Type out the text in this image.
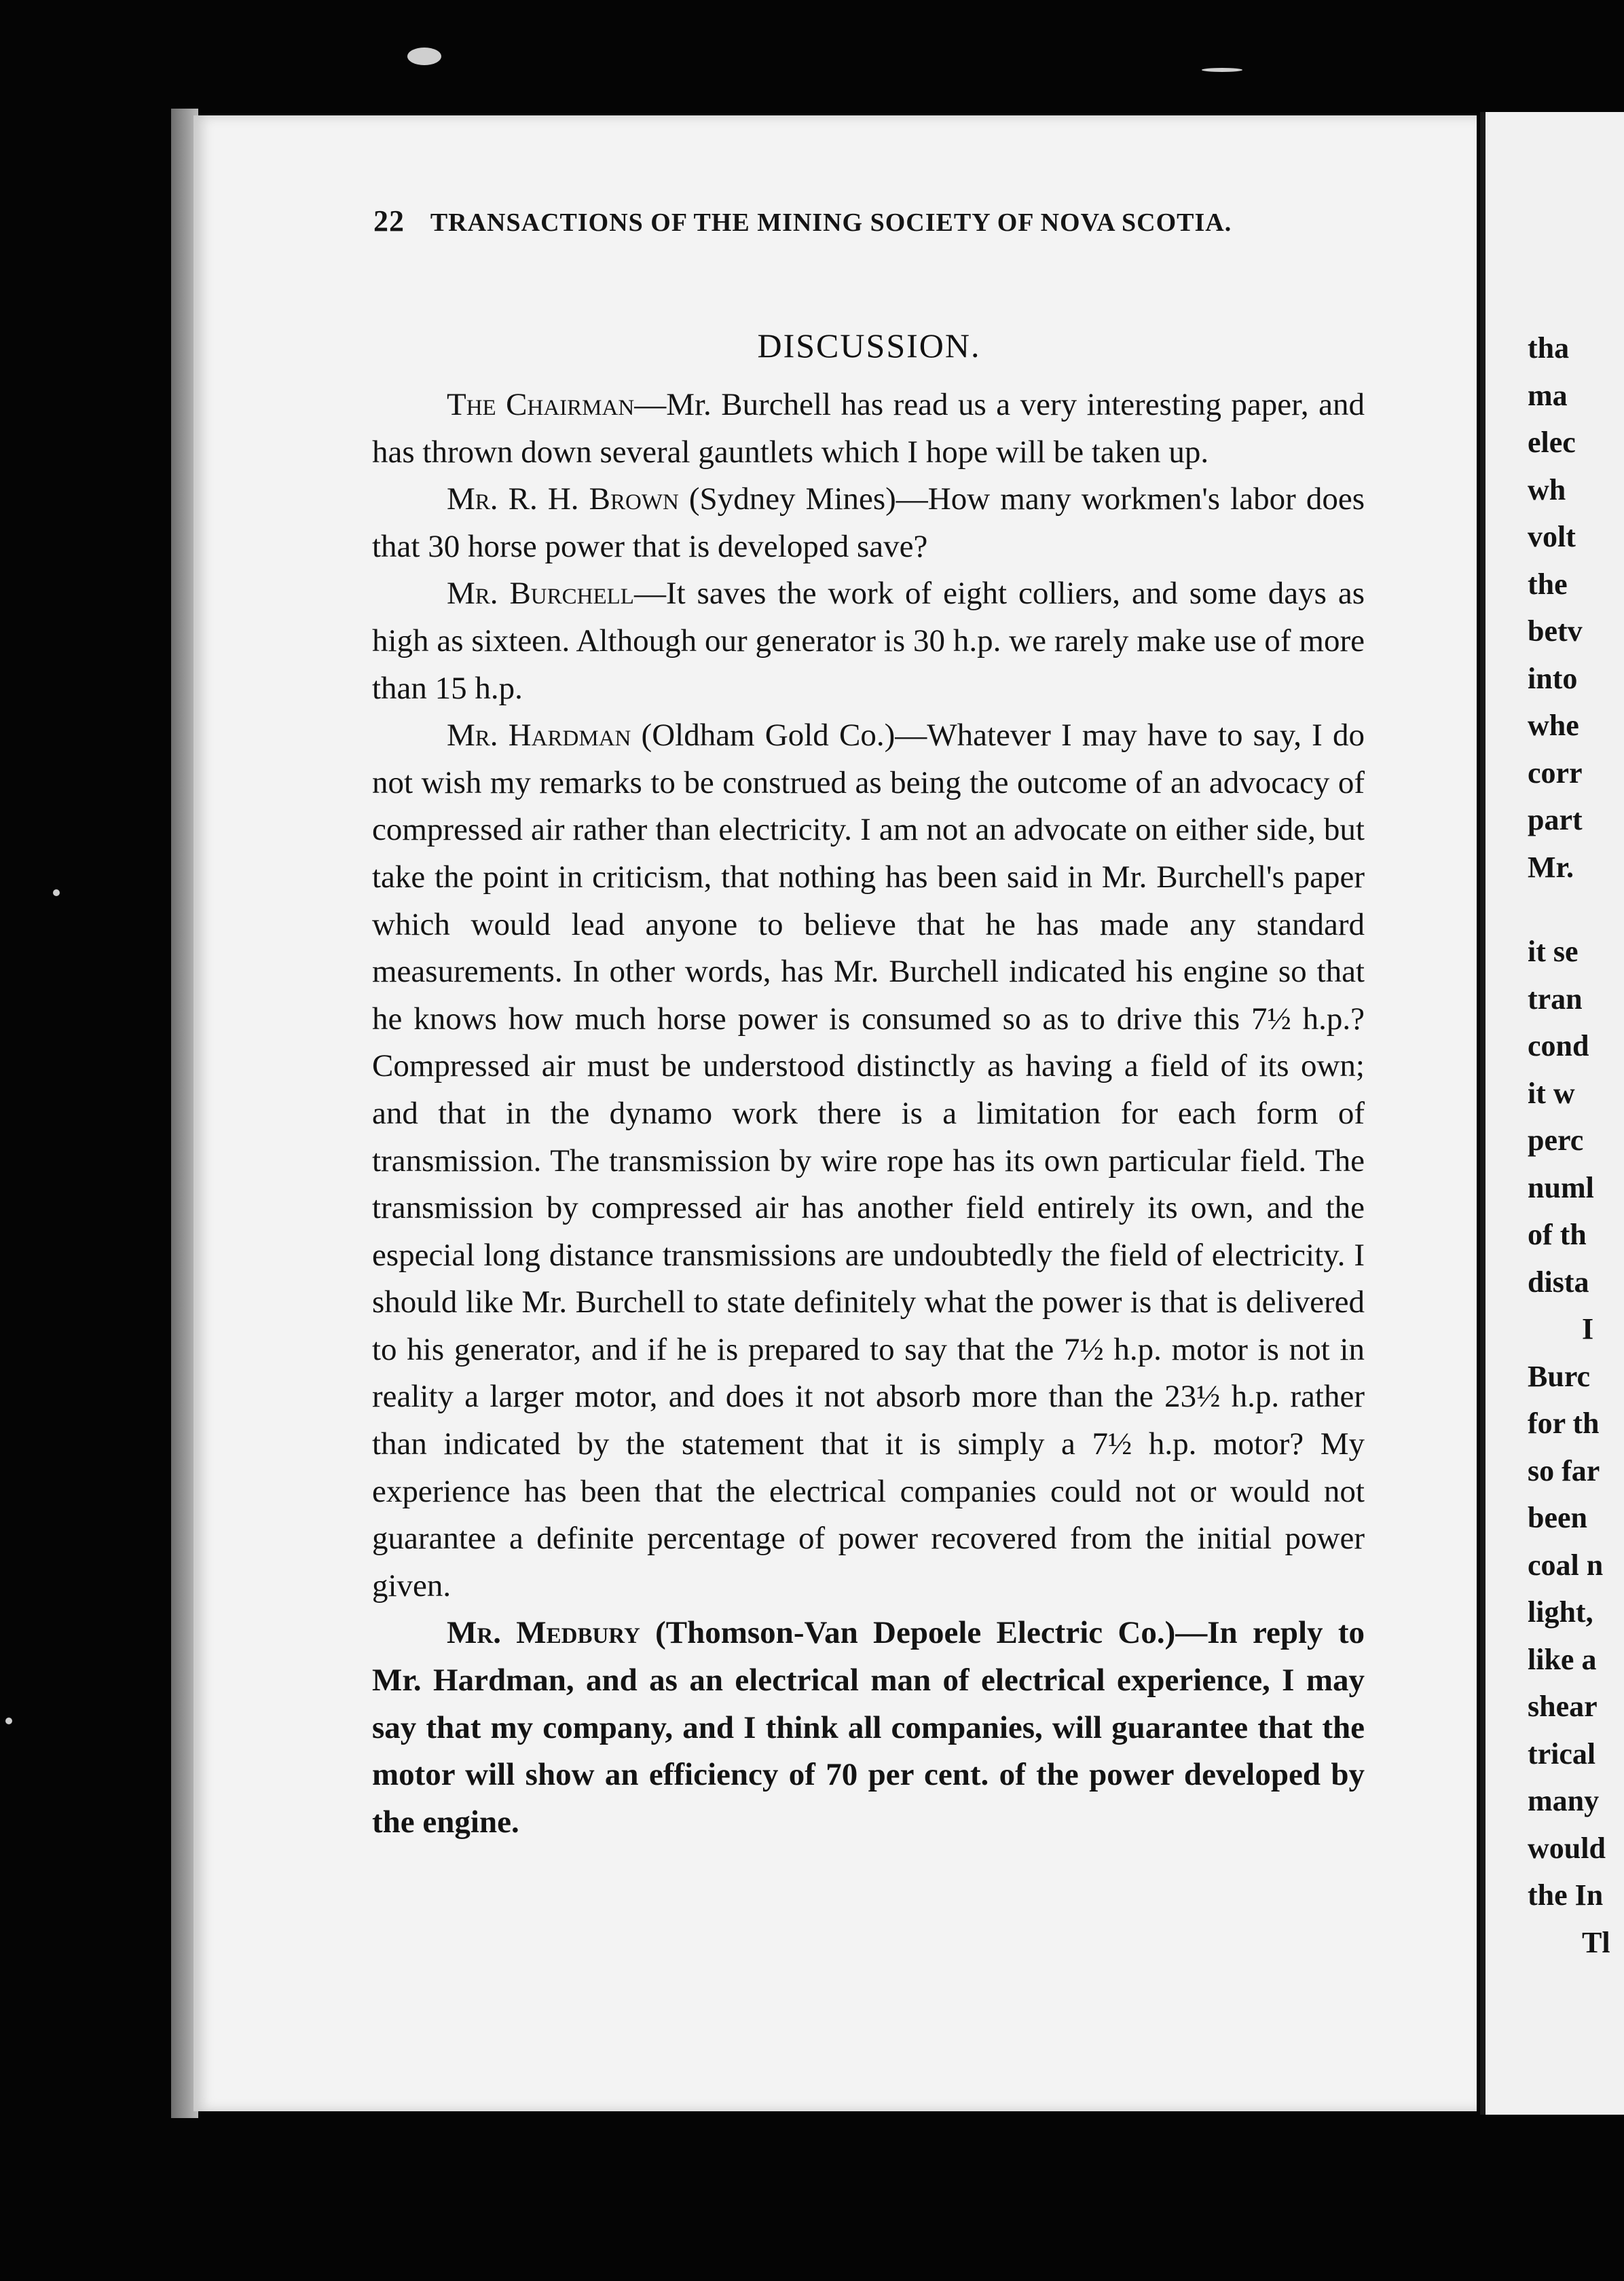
22 TRANSACTIONS OF THE MINING SOCIETY OF NOVA SCOTIA.
DISCUSSION.

The Chairman—Mr. Burchell has read us a very interesting paper, and has thrown down several gauntlets which I hope will be taken up.

Mr. R. H. Brown (Sydney Mines)—How many workmen's labor does that 30 horse power that is developed save?

Mr. Burchell—It saves the work of eight colliers, and some days as high as sixteen. Although our generator is 30 h.p. we rarely make use of more than 15 h.p.

Mr. Hardman (Oldham Gold Co.)—Whatever I may have to say, I do not wish my remarks to be construed as being the outcome of an advocacy of compressed air rather than electricity. I am not an advocate on either side, but take the point in criticism, that nothing has been said in Mr. Burchell's paper which would lead anyone to believe that he has made any standard measurements. In other words, has Mr. Burchell indicated his engine so that he knows how much horse power is consumed so as to drive this 7½ h.p.? Compressed air must be understood distinctly as having a field of its own; and that in the dynamo work there is a limitation for each form of transmission. The transmission by wire rope has its own particular field. The transmission by compressed air has another field entirely its own, and the especial long distance transmissions are undoubtedly the field of electricity. I should like Mr. Burchell to state definitely what the power is that is delivered to his generator, and if he is prepared to say that the 7½ h.p. motor is not in reality a larger motor, and does it not absorb more than the 23½ h.p. rather than indicated by the statement that it is simply a 7½ h.p. motor? My experience has been that the electrical companies could not or would not guarantee a definite percentage of power recovered from the initial power given.

Mr. Medbury (Thomson-Van Depoele Electric Co.)—In reply to Mr. Hardman, and as an electrical man of electrical experience, I may say that my company, and I think all companies, will guarantee that the motor will show an efficiency of 70 per cent. of the power developed by the engine.

tha
ma
elec
wh
volt
the
betv
into
whe
corr
part
Mr.
it se
tran
cond
it w
perc
numl
of th
dista
I
Burc
for th
so far
been
coal n
light,
like a
shear
trical
many
would
the In
Tl
